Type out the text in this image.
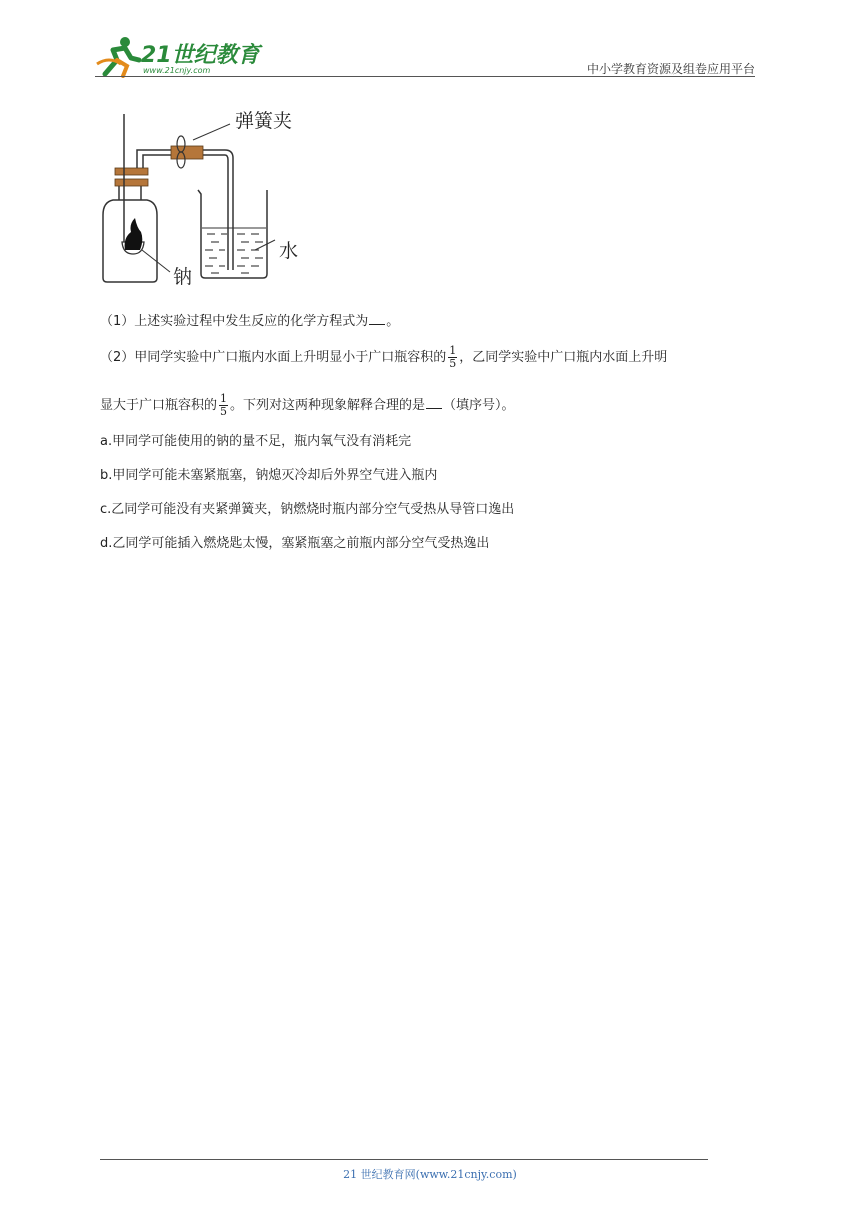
21世纪教育
www.21cnjy.com	中小学教育资源及组卷应用平台
弹簧夹
钠
水
（1）上述实验过程中发生反应的化学方程式为 。
（2）甲同学实验中广口瓶内水面上升明显小于广口瓶容积的 $\frac{1}{5}$ ，乙同学实验中广口瓶内水面上升明
显大于广口瓶容积的 $\frac{1}{5}$ 。下列对这两种现象解释合理的是 （填序号）。
a.甲同学可能使用的钠的量不足，瓶内氧气没有消耗完
b.甲同学可能未塞紧瓶塞，钠熄灭冷却后外界空气进入瓶内
c.乙同学可能没有夹紧弹簧夹，钠燃烧时瓶内部分空气受热从导管口逸出
d.乙同学可能插入燃烧匙太慢，塞紧瓶塞之前瓶内部分空气受热逸出
21 世纪教育网(www.21cnjy.com)
